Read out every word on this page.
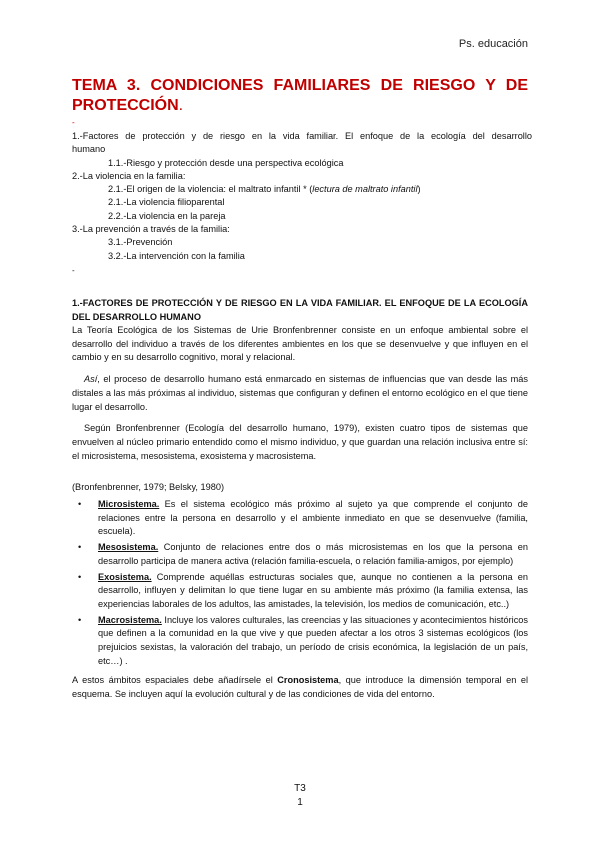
Ps. educación
TEMA 3. CONDICIONES FAMILIARES DE RIESGO Y DE
PROTECCIÓN.
-
1.-Factores de protección y de riesgo en la vida familiar. El enfoque de la ecología del desarrollo
humano
1.1.-Riesgo y protección desde una perspectiva ecológica
2.-La violencia en la familia:
2.1.-El origen de la violencia: el maltrato infantil * (lectura de maltrato infantil)
2.1.-La violencia filioparental
2.2.-La violencia en la pareja
3.-La prevención a través de la familia:
3.1.-Prevención
3.2.-La intervención con la familia
-

1.-FACTORES DE PROTECCIÓN Y DE RIESGO EN LA VIDA FAMILIAR. EL ENFOQUE DE LA ECOLOGÍA DEL DESARROLLO HUMANO

La Teoría Ecológica de los Sistemas de Urie Bronfenbrenner consiste en un enfoque ambiental sobre el desarrollo del individuo a través de los diferentes ambientes en los que se desenvuelve y que influyen en el cambio y en su desarrollo cognitivo, moral y relacional.

Así, el proceso de desarrollo humano está enmarcado en sistemas de influencias que van desde las más distales a las más próximas al individuo, sistemas que configuran y definen el entorno ecológico en el que tiene lugar el desarrollo.

Según Bronfenbrenner (Ecología del desarrollo humano, 1979), existen cuatro tipos de sistemas que envuelven al núcleo primario entendido como el mismo individuo, y que guardan una relación inclusiva entre sí: el microsistema, mesosistema, exosistema y macrosistema.

(Bronfenbrenner, 1979; Belsky, 1980)

• Microsistema. Es el sistema ecológico más próximo al sujeto ya que comprende el conjunto de relaciones entre la persona en desarrollo y el ambiente inmediato en que se desenvuelve (familia, escuela).
• Mesosistema. Conjunto de relaciones entre dos o más microsistemas en los que la persona en desarrollo participa de manera activa (relación familia-escuela, o relación familia-amigos, por ejemplo)
• Exosistema. Comprende aquéllas estructuras sociales que, aunque no contienen a la persona en desarrollo, influyen y delimitan lo que tiene lugar en su ambiente más próximo (la familia extensa, las experiencias laborales de los adultos, las amistades, la televisión, los medios de comunicación, etc..)
• Macrosistema. Incluye los valores culturales, las creencias y las situaciones y acontecimientos históricos que definen a la comunidad en la que vive y que pueden afectar a los otros 3 sistemas ecológicos (los prejuicios sexistas, la valoración del trabajo, un período de crisis económica, la legislación de un país, etc…) .

A estos ámbitos espaciales debe añadírsele el Cronosistema, que introduce la dimensión temporal en el esquema. Se incluyen aquí la evolución cultural y de las condiciones de vida del entorno.

T3
1
